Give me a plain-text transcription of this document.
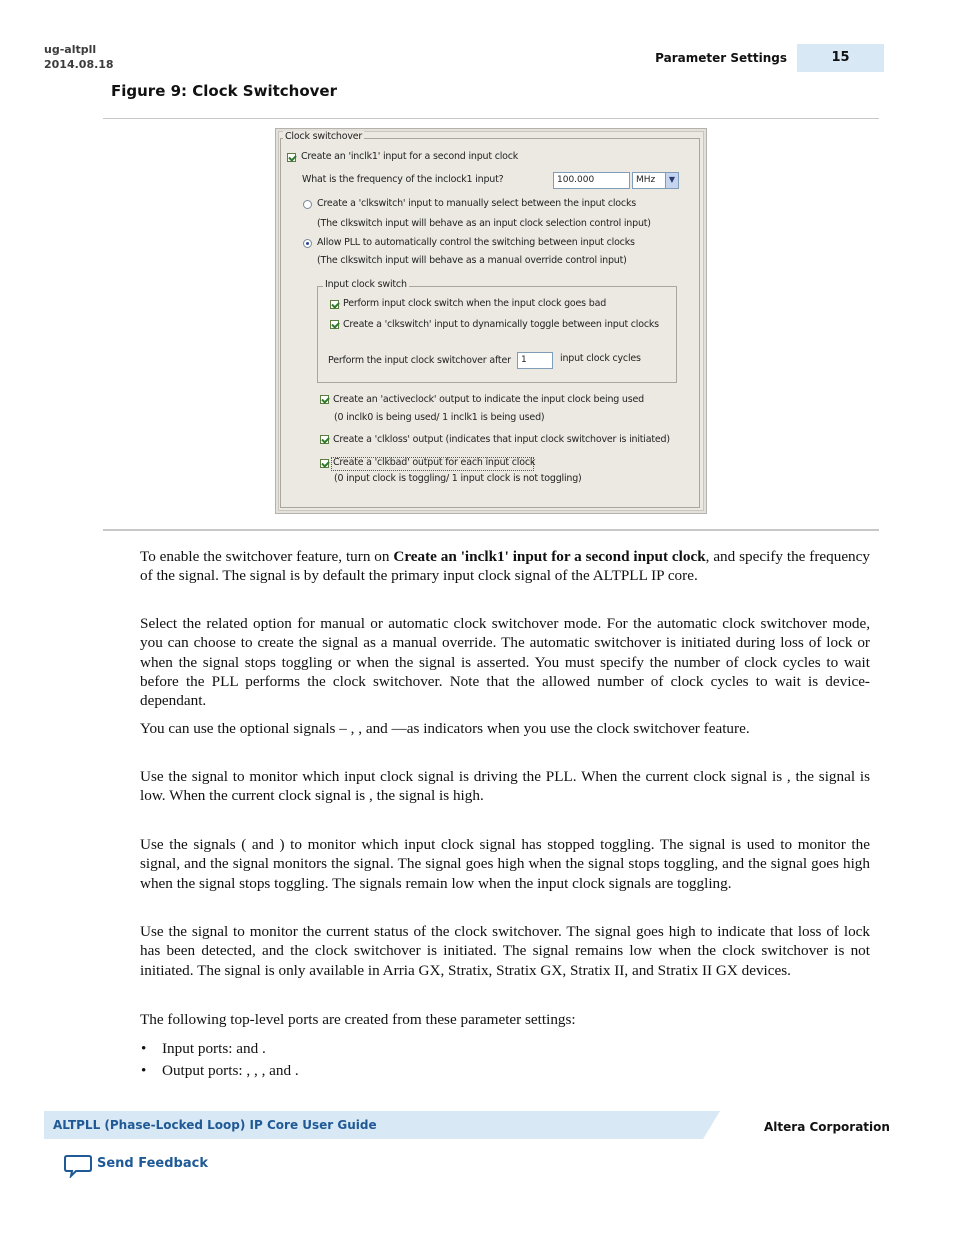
ug-altpll
2014.08.18	Parameter Settings	15
Figure 9: Clock Switchover
Clock switchover
Create an 'inclk1' input for a second input clock
What is the frequency of the inclock1 input?	100.000	MHz	▼
Create a 'clkswitch' input to manually select between the input clocks
(The clkswitch input will behave as an input clock selection control input)
Allow PLL to automatically control the switching between input clocks
(The clkswitch input will behave as a manual override control input)
Input clock switch
Perform input clock switch when the input clock goes bad
Create a 'clkswitch' input to dynamically toggle between input clocks
Perform the input clock switchover after	1	input clock cycles
Create an 'activeclock' output to indicate the input clock being used
(0 inclk0 is being used/ 1 inclk1 is being used)
Create a 'clkloss' output (indicates that input clock switchover is initiated)
Create a 'clkbad' output for each input clock
(0 input clock is toggling/ 1 input clock is not toggling)

To enable the switchover feature, turn on Create an 'inclk1' input for a second input clock, and specify the frequency of the signal. The signal is by default the primary input clock signal of the ALTPLL IP core.

Select the related option for manual or automatic clock switchover mode. For the automatic clock switchover mode, you can choose to create the signal as a manual override. The automatic switchover is initiated during loss of lock or when the signal stops toggling or when the signal is asserted. You must specify the number of clock cycles to wait before the PLL performs the clock switchover. Note that the allowed number of clock cycles to wait is device-dependant.

You can use the optional signals – , , and —as indicators when you use the clock switchover feature.

Use the signal to monitor which input clock signal is driving the PLL. When the current clock signal is , the signal is low. When the current clock signal is , the signal is high.

Use the signals ( and ) to monitor which input clock signal has stopped toggling. The signal is used to monitor the signal, and the signal monitors the signal. The signal goes high when the signal stops toggling, and the signal goes high when the signal stops toggling. The signals remain low when the input clock signals are toggling.

Use the signal to monitor the current status of the clock switchover. The signal goes high to indicate that loss of lock has been detected, and the clock switchover is initiated. The signal remains low when the clock switchover is not initiated. The signal is only available in Arria GX, Stratix, Stratix GX, Stratix II, and Stratix II GX devices.

The following top-level ports are created from these parameter settings:

• Input ports: and .
• Output ports: , , , and .
ALTPLL (Phase-Locked Loop) IP Core User Guide	Altera Corporation
Send Feedback
